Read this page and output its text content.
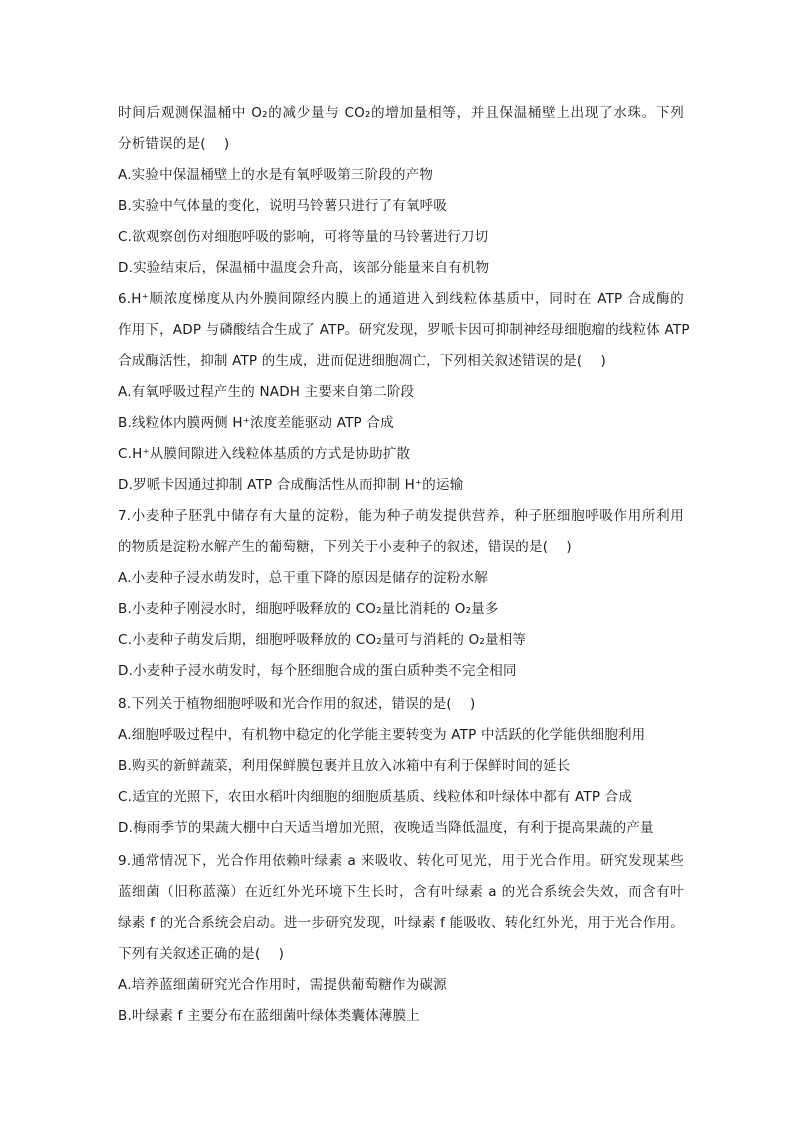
时间后观测保温桶中 O₂的减少量与 CO₂的增加量相等，并且保温桶壁上出现了水珠。下列
分析错误的是(　 )
A.实验中保温桶壁上的水是有氧呼吸第三阶段的产物
B.实验中气体量的变化，说明马铃薯只进行了有氧呼吸
C.欲观察创伤对细胞呼吸的影响，可将等量的马铃薯进行刀切
D.实验结束后，保温桶中温度会升高，该部分能量来自有机物
6.H⁺顺浓度梯度从内外膜间隙经内膜上的通道进入到线粒体基质中，同时在 ATP 合成酶的
作用下，ADP 与磷酸结合生成了 ATP。研究发现，罗哌卡因可抑制神经母细胞瘤的线粒体 ATP
合成酶活性，抑制 ATP 的生成，进而促进细胞凋亡，下列相关叙述错误的是(　 )
A.有氧呼吸过程产生的 NADH 主要来自第二阶段
B.线粒体内膜两侧 H⁺浓度差能驱动 ATP 合成
C.H⁺从膜间隙进入线粒体基质的方式是协助扩散
D.罗哌卡因通过抑制 ATP 合成酶活性从而抑制 H⁺的运输
7.小麦种子胚乳中储存有大量的淀粉，能为种子萌发提供营养，种子胚细胞呼吸作用所利用
的物质是淀粉水解产生的葡萄糖，下列关于小麦种子的叙述，错误的是(　 )
A.小麦种子浸水萌发时，总干重下降的原因是储存的淀粉水解
B.小麦种子刚浸水时，细胞呼吸释放的 CO₂量比消耗的 O₂量多
C.小麦种子萌发后期，细胞呼吸释放的 CO₂量可与消耗的 O₂量相等
D.小麦种子浸水萌发时，每个胚细胞合成的蛋白质种类不完全相同
8.下列关于植物细胞呼吸和光合作用的叙述，错误的是(　 )
A.细胞呼吸过程中，有机物中稳定的化学能主要转变为 ATP 中活跃的化学能供细胞利用
B.购买的新鲜蔬菜，利用保鲜膜包裹并且放入冰箱中有利于保鲜时间的延长
C.适宜的光照下，农田水稻叶肉细胞的细胞质基质、线粒体和叶绿体中都有 ATP 合成
D.梅雨季节的果蔬大棚中白天适当增加光照，夜晚适当降低温度，有利于提高果蔬的产量
9.通常情况下，光合作用依赖叶绿素 a 来吸收、转化可见光，用于光合作用。研究发现某些
蓝细菌（旧称蓝藻）在近红外光环境下生长时，含有叶绿素 a 的光合系统会失效，而含有叶
绿素 f 的光合系统会启动。进一步研究发现，叶绿素 f 能吸收、转化红外光，用于光合作用。
下列有关叙述正确的是(　 )
A.培养蓝细菌研究光合作用时，需提供葡萄糖作为碳源
B.叶绿素 f 主要分布在蓝细菌叶绿体类囊体薄膜上
